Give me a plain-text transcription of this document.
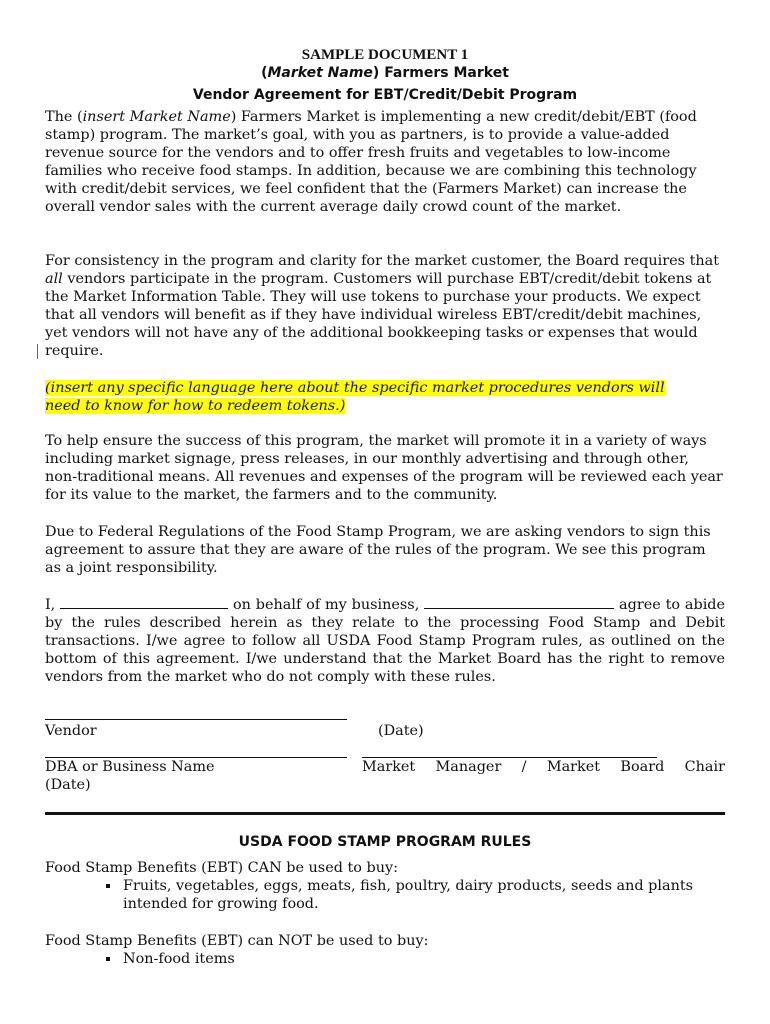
SAMPLE DOCUMENT 1
(Market Name) Farmers Market
Vendor Agreement for EBT/Credit/Debit Program

The (insert Market Name) Farmers Market is implementing a new credit/debit/EBT (food stamp) program. The market’s goal, with you as partners, is to provide a value-added revenue source for the vendors and to offer fresh fruits and vegetables to low-income families who receive food stamps. In addition, because we are combining this technology with credit/debit services, we feel confident that the (Farmers Market) can increase the overall vendor sales with the current average daily crowd count of the market.

For consistency in the program and clarity for the market customer, the Board requires that all vendors participate in the program. Customers will purchase EBT/credit/debit tokens at the Market Information Table. They will use tokens to purchase your products. We expect that all vendors will benefit as if they have individual wireless EBT/credit/debit machines, yet vendors will not have any of the additional bookkeeping tasks or expenses that would require.

(insert any specific language here about the specific market procedures vendors will
need to know for how to redeem tokens.)

To help ensure the success of this program, the market will promote it in a variety of ways including market signage, press releases, in our monthly advertising and through other, non-traditional means. All revenues and expenses of the program will be reviewed each year for its value to the market, the farmers and to the community.

Due to Federal Regulations of the Food Stamp Program, we are asking vendors to sign this agreement to assure that they are aware of the rules of the program. We see this program as a joint responsibility.

I,	on behalf of my business,	agree to abide by the rules described herein as they relate to the processing Food Stamp and Debit transactions. I/we agree to follow all USDA Food Stamp Program rules, as outlined on the bottom of this agreement. I/we understand that the Market Board has the right to remove vendors from the market who do not comply with these rules.

Vendor	(Date)
DBA or Business Name	Market Manager / Market Board Chair
(Date)
USDA FOOD STAMP PROGRAM RULES
Food Stamp Benefits (EBT) CAN be used to buy:
Fruits, vegetables, eggs, meats, fish, poultry, dairy products, seeds and plants intended for growing food.
Food Stamp Benefits (EBT) can NOT be used to buy:
Non-food items
